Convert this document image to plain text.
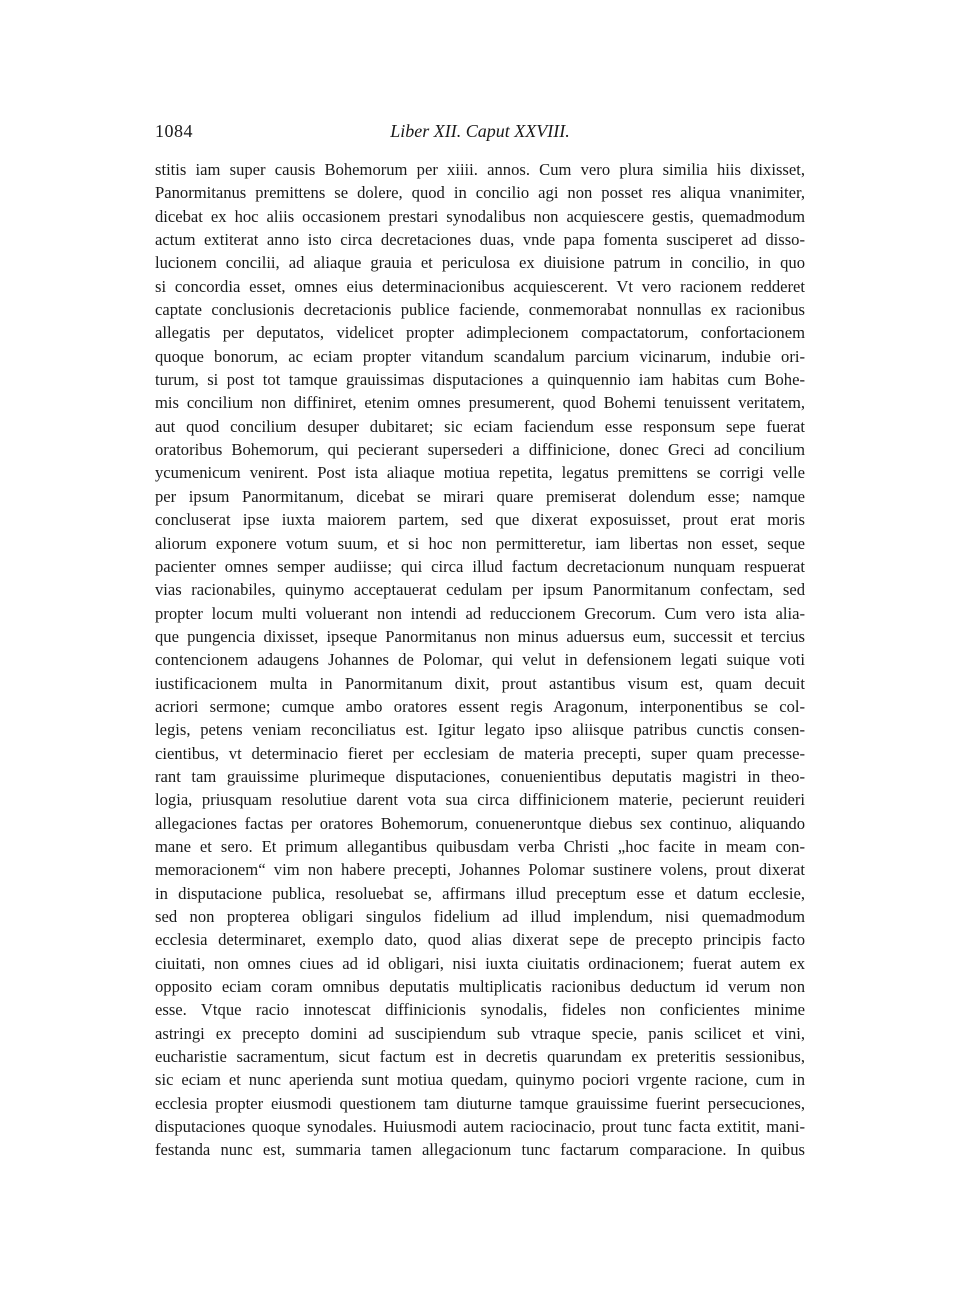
1084	Liber XII. Caput XXVIII.
stitis iam super causis Bohemorum per xiiii. annos. Cum vero plura similia hiis dixisset,
Panormitanus premittens se dolere, quod in concilio agi non posset res aliqua vnanimiter,
dicebat ex hoc aliis occasionem prestari synodalibus non acquiescere gestis, quemadmodum
actum extiterat anno isto circa decretaciones duas, vnde papa fomenta susciperet ad disso-
lucionem concilii, ad aliaque grauia et periculosa ex diuisione patrum in concilio, in quo
si concordia esset, omnes eius determinacionibus acquiescerent. Vt vero racionem redderet
captate conclusionis decretacionis publice faciende, conmemorabat nonnullas ex racionibus
allegatis per deputatos, videlicet propter adimplecionem compactatorum, confortacionem
quoque bonorum, ac eciam propter vitandum scandalum parcium vicinarum, indubie ori-
turum, si post tot tamque grauissimas disputaciones a quinquennio iam habitas cum Bohe-
mis concilium non diffiniret, etenim omnes presumerent, quod Bohemi tenuissent veritatem,
aut quod concilium desuper dubitaret; sic eciam faciendum esse responsum sepe fuerat
oratoribus Bohemorum, qui pecierant supersederi a diffinicione, donec Greci ad concilium
ycumenicum venirent. Post ista aliaque motiua repetita, legatus premittens se corrigi velle
per ipsum Panormitanum, dicebat se mirari quare premiserat dolendum esse; namque
concluserat ipse iuxta maiorem partem, sed que dixerat exposuisset, prout erat moris
aliorum exponere votum suum, et si hoc non permitteretur, iam libertas non esset, seque
pacienter omnes semper audiisse; qui circa illud factum decretacionum nunquam respuerat
vias racionabiles, quinymo acceptauerat cedulam per ipsum Panormitanum confectam, sed
propter locum multi voluerant non intendi ad reduccionem Grecorum. Cum vero ista alia-
que pungencia dixisset, ipseque Panormitanus non minus aduersus eum, successit et tercius
contencionem adaugens Johannes de Polomar, qui velut in defensionem legati suique voti
iustificacionem multa in Panormitanum dixit, prout astantibus visum est, quam decuit
acriori sermone; cumque ambo oratores essent regis Aragonum, interponentibus se col-
legis, petens veniam reconciliatus est. Igitur legato ipso aliisque patribus cunctis consen-
cientibus, vt determinacio fieret per ecclesiam de materia precepti, super quam precesse-
rant tam grauissime plurimeque disputaciones, conuenientibus deputatis magistri in theo-
logia, priusquam resolutiue darent vota sua circa diffinicionem materie, pecierunt reuideri
allegaciones factas per oratores Bohemorum, conuenerυntque diebus sex continuo, aliquando
mane et sero. Et primum allegantibus quibusdam verba Christi „hoc facite in meam con-
memoracionem“ vim non habere precepti, Johannes Polomar sustinere volens, prout dixerat
in disputacione publica, resoluebat se, affirmans illud preceptum esse et datum ecclesie,
sed non propterea obligari singulos fidelium ad illud implendum, nisi quemadmodum
ecclesia determinaret, exemplo dato, quod alias dixerat sepe de precepto principis facto
ciuitati, non omnes ciues ad id obligari, nisi iuxta ciuitatis ordinacionem; fuerat autem ex
opposito eciam coram omnibus deputatis multiplicatis racionibus deductum id verum non
esse. Vtque racio innotescat diffinicionis synodalis, fideles non conficientes minime
astringi ex precepto domini ad suscipiendum sub vtraque specie, panis scilicet et vini,
eucharistie sacramentum, sicut factum est in decretis quarundam ex preteritis sessionibus,
sic eciam et nunc aperienda sunt motiua quedam, quinymo pociori vrgente racione, cum in
ecclesia propter eiusmodi questionem tam diuturne tamque grauissime fuerint persecuciones,
disputaciones quoque synodales. Huiusmodi autem raciocinacio, prout tunc facta extitit, mani-
festanda nunc est, summaria tamen allegacionum tunc factarum comparacione. In quibus
